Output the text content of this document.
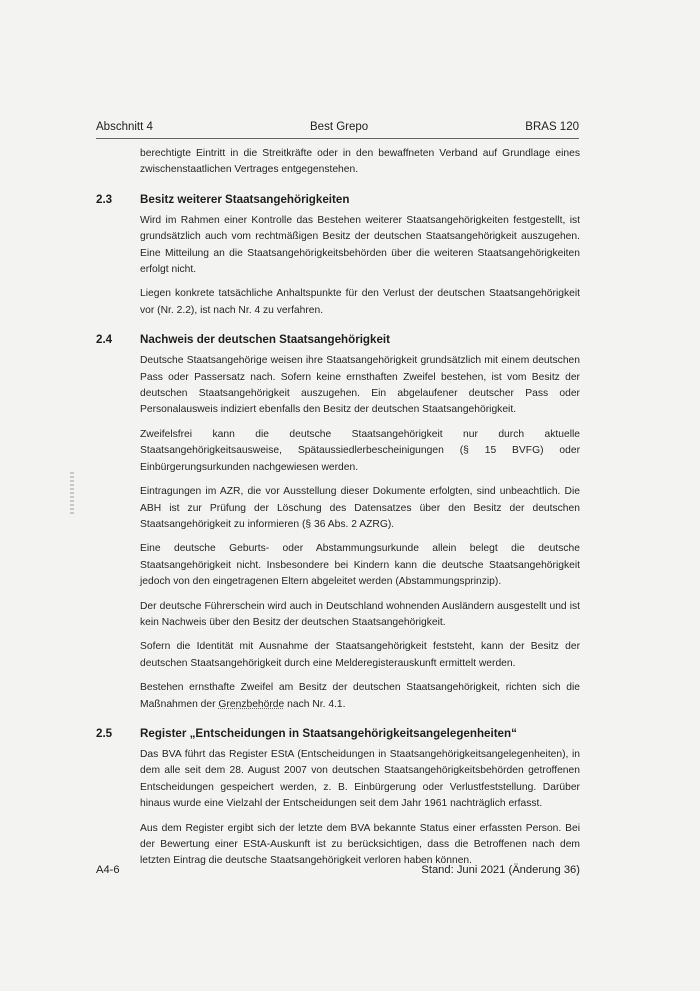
Abschnitt 4	Best Grepo	BRAS 120

berechtigte Eintritt in die Streitkräfte oder in den bewaffneten Verband auf Grundlage eines zwischenstaatlichen Vertrages entgegenstehen.

2.3	Besitz weiterer Staatsangehörigkeiten

Wird im Rahmen einer Kontrolle das Bestehen weiterer Staatsangehörigkeiten festgestellt, ist grundsätzlich auch vom rechtmäßigen Besitz der deutschen Staatsangehörigkeit auszugehen. Eine Mitteilung an die Staatsangehörigkeitsbehörden über die weiteren Staatsangehörigkeiten erfolgt nicht.

Liegen konkrete tatsächliche Anhaltspunkte für den Verlust der deutschen Staatsangehörigkeit vor (Nr. 2.2), ist nach Nr. 4 zu verfahren.

2.4	Nachweis der deutschen Staatsangehörigkeit

Deutsche Staatsangehörige weisen ihre Staatsangehörigkeit grundsätzlich mit einem deutschen Pass oder Passersatz nach. Sofern keine ernsthaften Zweifel bestehen, ist vom Besitz der deutschen Staatsangehörigkeit auszugehen. Ein abgelaufener deutscher Pass oder Personalausweis indiziert ebenfalls den Besitz der deutschen Staatsangehörigkeit.

Zweifelsfrei kann die deutsche Staatsangehörigkeit nur durch aktuelle Staatsangehörigkeitsausweise, Spätaussiedlerbescheinigungen (§ 15 BVFG) oder Einbürgerungsurkunden nachgewiesen werden.

Eintragungen im AZR, die vor Ausstellung dieser Dokumente erfolgten, sind unbeachtlich. Die ABH ist zur Prüfung der Löschung des Datensatzes über den Besitz der deutschen Staatsangehörigkeit zu informieren (§ 36 Abs. 2 AZRG).

Eine deutsche Geburts- oder Abstammungsurkunde allein belegt die deutsche Staatsangehörigkeit nicht. Insbesondere bei Kindern kann die deutsche Staatsangehörigkeit jedoch von den eingetragenen Eltern abgeleitet werden (Abstammungsprinzip).

Der deutsche Führerschein wird auch in Deutschland wohnenden Ausländern ausgestellt und ist kein Nachweis über den Besitz der deutschen Staatsangehörigkeit.

Sofern die Identität mit Ausnahme der Staatsangehörigkeit feststeht, kann der Besitz der deutschen Staatsangehörigkeit durch eine Melderegisterauskunft ermittelt werden.

Bestehen ernsthafte Zweifel am Besitz der deutschen Staatsangehörigkeit, richten sich die Maßnahmen der Grenzbehörde nach Nr. 4.1.

2.5	Register „Entscheidungen in Staatsangehörigkeitsangelegenheiten“

Das BVA führt das Register EStA (Entscheidungen in Staatsangehörigkeitsangelegenheiten), in dem alle seit dem 28. August 2007 von deutschen Staatsangehörigkeitsbehörden getroffenen Entscheidungen gespeichert werden, z. B. Einbürgerung oder Verlustfeststellung. Darüber hinaus wurde eine Vielzahl der Entscheidungen seit dem Jahr 1961 nachträglich erfasst.

Aus dem Register ergibt sich der letzte dem BVA bekannte Status einer erfassten Person. Bei der Bewertung einer EStA-Auskunft ist zu berücksichtigen, dass die Betroffenen nach dem letzten Eintrag die deutsche Staatsangehörigkeit verloren haben können.

A4-6	Stand: Juni 2021 (Änderung 36)
